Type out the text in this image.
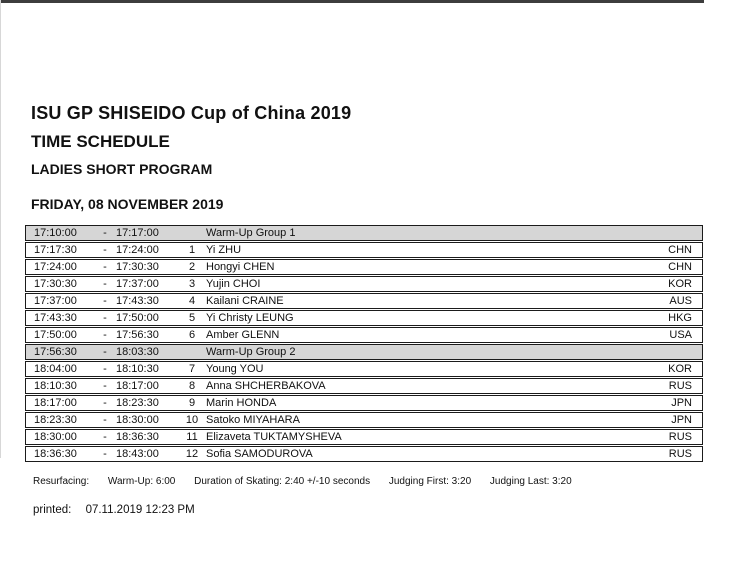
ISU GP SHISEIDO Cup of China 2019
TIME SCHEDULE
LADIES SHORT PROGRAM
FRIDAY, 08 NOVEMBER 2019
17:10:00	- 17:17:00	Warm-Up Group 1
17:17:30	- 17:24:00	1 Yi ZHU	CHN
17:24:00	- 17:30:30	2 Hongyi CHEN	CHN
17:30:30	- 17:37:00	3 Yujin CHOI	KOR
17:37:00	- 17:43:30	4 Kailani CRAINE	AUS
17:43:30	- 17:50:00	5 Yi Christy LEUNG	HKG
17:50:00	- 17:56:30	6 Amber GLENN	USA
17:56:30	- 18:03:30	Warm-Up Group 2
18:04:00	- 18:10:30	7 Young YOU	KOR
18:10:30	- 18:17:00	8 Anna SHCHERBAKOVA	RUS
18:17:00	- 18:23:30	9 Marin HONDA	JPN
18:23:30	- 18:30:00	10 Satoko MIYAHARA	JPN
18:30:00	- 18:36:30	11 Elizaveta TUKTAMYSHEVA	RUS
18:36:30	- 18:43:00	12 Sofia SAMODUROVA	RUS
Resurfacing: Warm-Up: 6:00 Duration of Skating: 2:40 +/-10 seconds Judging First: 3:20 Judging Last: 3:20
printed: 07.11.2019 12:23 PM
